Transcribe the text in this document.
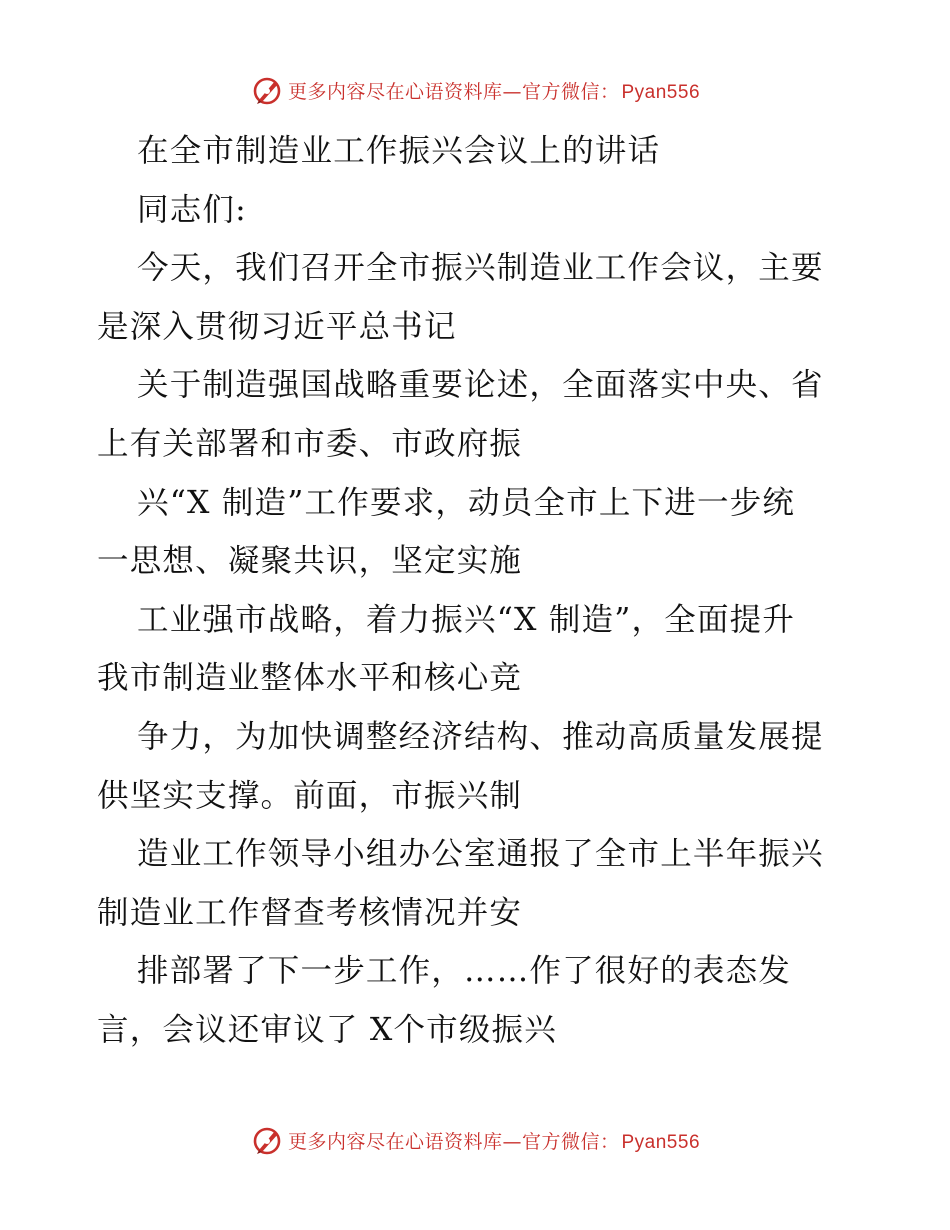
更多内容尽在心语资料库—官方微信： Pyan556
在全市制造业工作振兴会议上的讲话
同志们:
今天，我们召开全市振兴制造业工作会议，主要
是深入贯彻习近平总书记
关于制造强国战略重要论述，全面落实中央、省
上有关部署和市委、市政府振
兴“X 制造”工作要求，动员全市上下进一步统
一思想、凝聚共识，坚定实施
工业强市战略，着力振兴“X 制造”，全面提升
我市制造业整体水平和核心竞
争力，为加快调整经济结构、推动高质量发展提
供坚实支撑。前面，市振兴制
造业工作领导小组办公室通报了全市上半年振兴
制造业工作督查考核情况并安
排部署了下一步工作，……作了很好的表态发
言，会议还审议了 X个市级振兴
更多内容尽在心语资料库—官方微信： Pyan556
